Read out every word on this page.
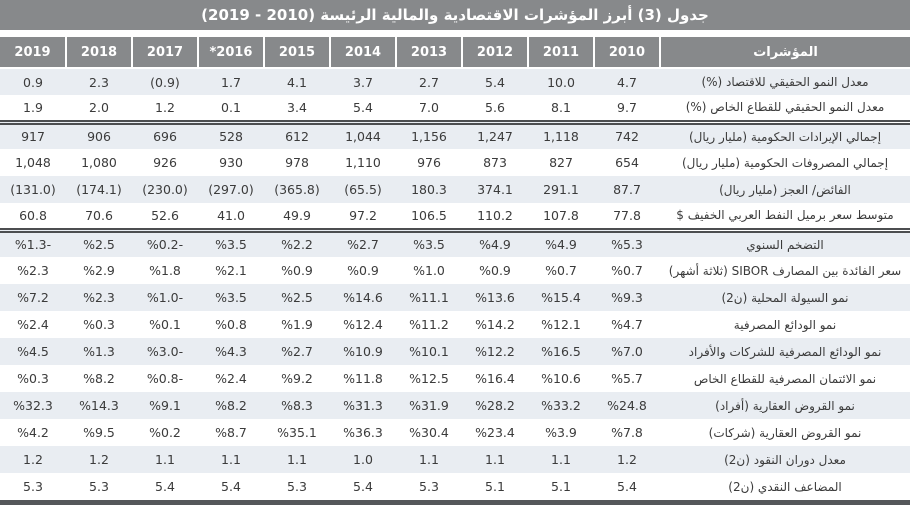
جدول (3) أبرز المؤشرات الاقتصادية والمالية الرئيسة (2010 - 2019)
2019	2018	2017	*2016	2015	2014	2013	2012	2011	2010	المؤشرات
0.9	2.3	(0.9)	1.7	4.1	3.7	2.7	5.4	10.0	4.7	معدل النمو الحقيقي للاقتصاد (%)
1.9	2.0	1.2	0.1	3.4	5.4	7.0	5.6	8.1	9.7	معدل النمو الحقيقي للقطاع الخاص (%)
917	906	696	528	612	1,044	1,156	1,247	1,118	742	إجمالي الإيرادات الحكومية (مليار ريال)
1,048	1,080	926	930	978	1,110	976	873	827	654	إجمالي المصروفات الحكومية (مليار ريال)
(131.0)	(174.1)	(230.0)	(297.0)	(365.8)	(65.5)	180.3	374.1	291.1	87.7	الفائض/ العجز (مليار ريال)
60.8	70.6	52.6	41.0	49.9	97.2	106.5	110.2	107.8	77.8	متوسط سعر برميل النفط العربي الخفيف $
%1.3-	%2.5	%0.2-	%3.5	%2.2	%2.7	%3.5	%4.9	%4.9	%5.3	التضخم السنوي
%2.3	%2.9	%1.8	%2.1	%0.9	%0.9	%1.0	%0.9	%0.7	%0.7	سعر الفائدة بين المصارف SIBOR (ثلاثة أشهر)
%7.2	%2.3	%1.0-	%3.5	%2.5	%14.6	%11.1	%13.6	%15.4	%9.3	نمو السيولة المحلية (ن2)
%2.4	%0.3	%0.1	%0.8	%1.9	%12.4	%11.2	%14.2	%12.1	%4.7	نمو الودائع المصرفية
%4.5	%1.3	%3.0-	%4.3	%2.7	%10.9	%10.1	%12.2	%16.5	%7.0	نمو الودائع المصرفية للشركات والأفراد
%0.3	%8.2	%0.8-	%2.4	%9.2	%11.8	%12.5	%16.4	%10.6	%5.7	نمو الائتمان المصرفية للقطاع الخاص
%32.3	%14.3	%9.1	%8.2	%8.3	%31.3	%31.9	%28.2	%33.2	%24.8	نمو القروض العقارية (أفراد)
%4.2	%9.5	%0.2	%8.7	%35.1	%36.3	%30.4	%23.4	%3.9	%7.8	نمو القروض العقارية (شركات)
1.2	1.2	1.1	1.1	1.1	1.0	1.1	1.1	1.1	1.2	معدل دوران النقود (ن2)
5.3	5.3	5.4	5.4	5.3	5.4	5.3	5.1	5.1	5.4	المضاعف النقدي (ن2)
